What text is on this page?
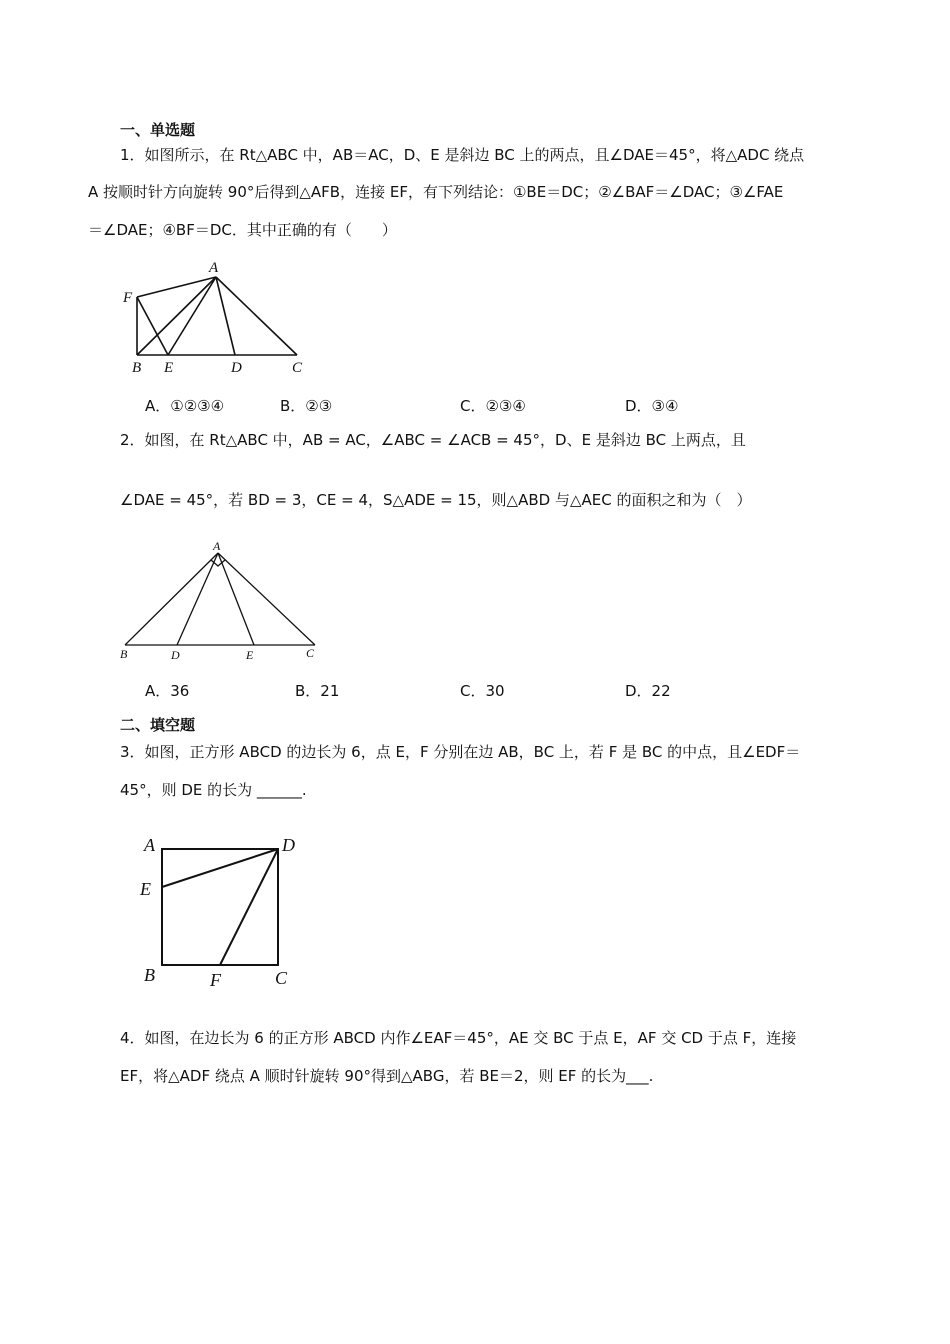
一、单选题
1．如图所示，在 Rt△ABC 中，AB＝AC，D、E 是斜边 BC 上的两点，且∠DAE＝45°，将△ADC 绕点
A 按顺时针方向旋转 90°后得到△AFB，连接 EF，有下列结论：①BE＝DC；②∠BAF＝∠DAC；③∠FAE
＝∠DAE；④BF＝DC．其中正确的有（　　）
A
F
B E	D	C
A．①②③④	B．②③	C．②③④	D．③④
2．如图，在 Rt△ABC 中，AB = AC，∠ABC = ∠ACB = 45°，D、E 是斜边 BC 上两点，且
∠DAE = 45°，若 BD = 3，CE = 4，S△ADE = 15，则△ABD 与△AEC 的面积之和为（　）
A
B	D	E	C
A．36	B．21	C．30	D．22
二、填空题
3．如图，正方形 ABCD 的边长为 6，点 E，F 分别在边 AB，BC 上，若 F 是 BC 的中点，且∠EDF＝
45°，则 DE 的长为 ______.
A	D
E
B	F	C
4．如图，在边长为 6 的正方形 ABCD 内作∠EAF＝45°，AE 交 BC 于点 E，AF 交 CD 于点 F，连接
EF，将△ADF 绕点 A 顺时针旋转 90°得到△ABG，若 BE＝2，则 EF 的长为___.
